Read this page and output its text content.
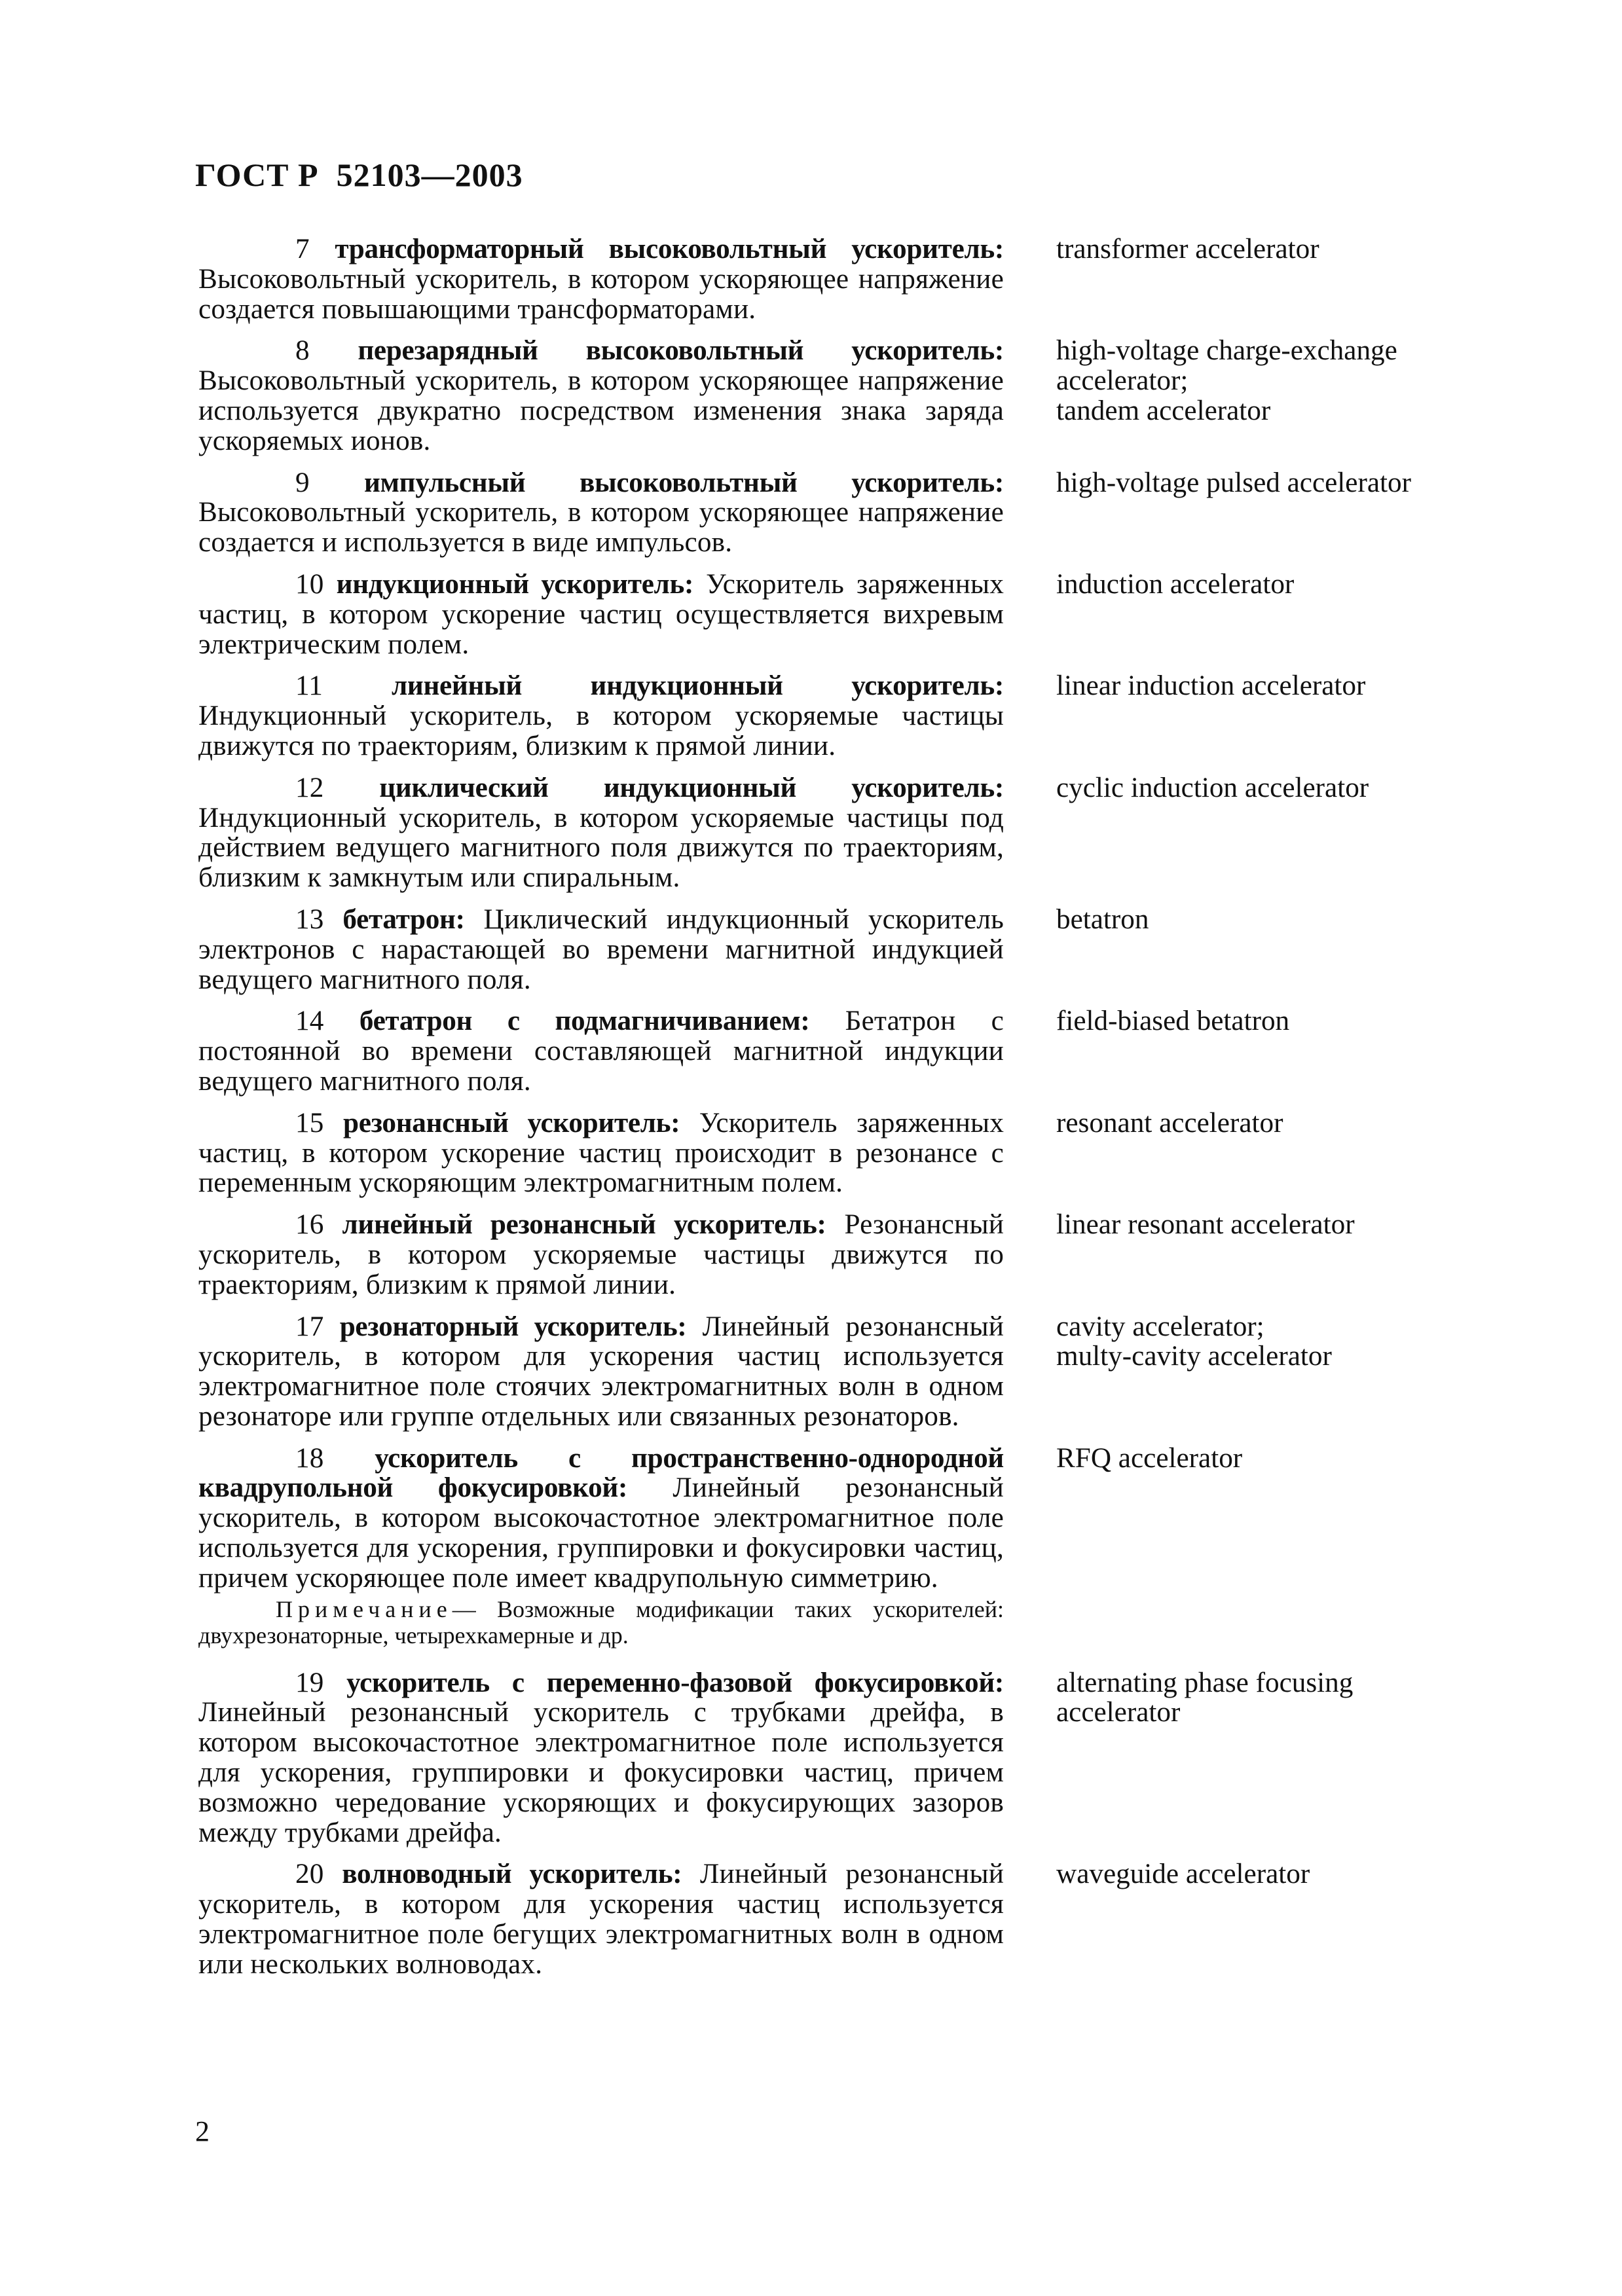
ГОСТ Р  52103—2003
7 трансформаторный высоковольтный ускоритель: Высоковольтный ускоритель, в котором ускоряющее напряжение создается повышающими трансформаторами.
transformer accelerator
8 перезарядный высоковольтный ускоритель: Высоковольтный ускоритель, в котором ускоряющее напряжение используется двукратно посредством изменения знака заряда ускоряемых ионов.
high-voltage charge-exchange
accelerator;
tandem accelerator
9 импульсный высоковольтный ускоритель: Высоковольтный ускоритель, в котором ускоряющее напряжение создается и используется в виде импульсов.
high-voltage pulsed accelerator
10 индукционный ускоритель: Ускоритель заряженных частиц, в котором ускорение частиц осуществляется вихревым электрическим полем.
induction accelerator
11 линейный индукционный ускоритель: Индукционный ускоритель, в котором ускоряемые частицы движутся по траекториям, близким к прямой линии.
linear induction accelerator
12 циклический индукционный ускоритель: Индукционный ускоритель, в котором ускоряемые частицы под действием ведущего магнитного поля движутся по траекториям, близким к замкнутым или спиральным.
cyclic induction accelerator
13 бетатрон: Циклический индукционный ускоритель электронов с нарастающей во времени магнитной индукцией ведущего магнитного поля.
betatron
14 бетатрон с подмагничиванием: Бетатрон с постоянной во времени составляющей магнитной индукции ведущего магнитного поля.
field-biased betatron
15 резонансный ускоритель: Ускоритель заряженных частиц, в котором ускорение частиц происходит в резонансе с переменным ускоряющим электромагнитным полем.
resonant accelerator
16 линейный резонансный ускоритель: Резонансный ускоритель, в котором ускоряемые частицы движутся по траекториям, близким к прямой линии.
linear resonant accelerator
17 резонаторный ускоритель: Линейный резонансный ускоритель, в котором для ускорения частиц используется электромагнитное поле стоячих электромагнитных волн в одном резонаторе или группе отдельных или связанных резонаторов.
cavity accelerator;
multy-cavity accelerator
18 ускоритель с пространственно-однородной квадрупольной фокусировкой: Линейный резонансный ускоритель, в котором высокочастотное электромагнитное поле используется для ускорения, группировки и фокусировки частиц, причем ускоряющее поле имеет квадрупольную симметрию.
RFQ accelerator
Примечание— Возможные модификации таких ускорителей: двухрезонаторные, четырехкамерные и др.
19 ускоритель с переменно-фазовой фокусировкой: Линейный резонансный ускоритель с трубками дрейфа, в котором высокочастотное электромагнитное поле используется для ускорения, группировки и фокусировки частиц, причем возможно чередование ускоряющих и фокусирующих зазоров между трубками дрейфа.
alternating phase focusing
accelerator
20 волноводный ускоритель: Линейный резонансный ускоритель, в котором для ускорения частиц используется электромагнитное поле бегущих электромагнитных волн в одном или нескольких волноводах.
waveguide accelerator
2
